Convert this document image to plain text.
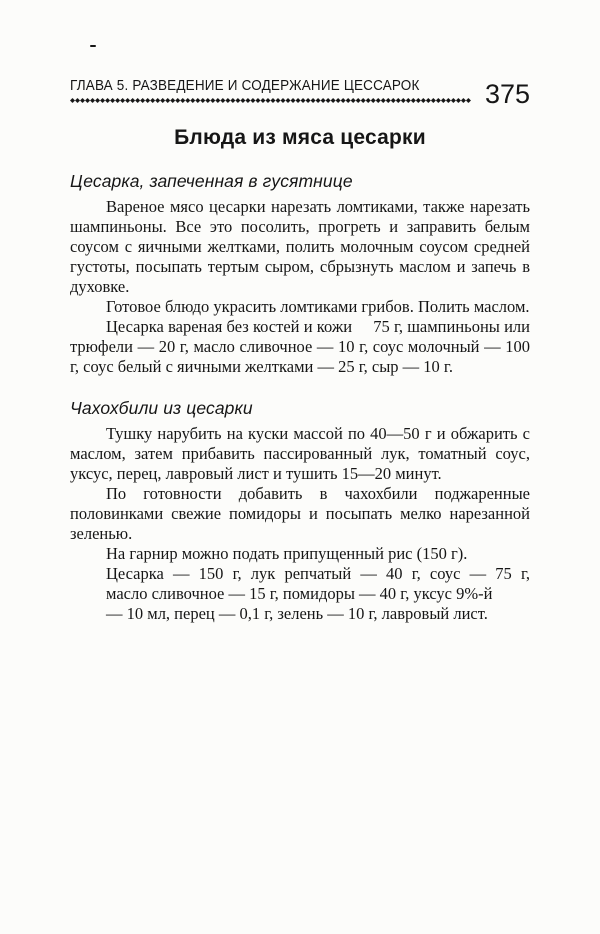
ГЛАВА 5. РАЗВЕДЕНИЕ И СОДЕРЖАНИЕ ЦЕССАРОК	375
Блюда из мяса цесарки
Цесарка, запеченная в гусятнице

Вареное мясо цесарки нарезать ломтиками, также нарезать шампиньоны. Все это посолить, прогреть и заправить белым соусом с яичными желтками, полить молочным соусом средней густоты, посыпать тертым сыром, сбрызнуть маслом и запечь в духовке.

Готовое блюдо украсить ломтиками грибов. Полить маслом.

Цесарка вареная без костей и кожи     75 г, шампиньоны или трюфели — 20 г, масло сливочное — 10 г, соус молочный — 100 г, соус белый с яичными желтками — 25 г, сыр — 10 г.

Чахохбили из цесарки

Тушку нарубить на куски массой по 40—50 г и обжарить с маслом, затем прибавить пассированный лук, томатный соус, уксус, перец, лавровый лист и тушить 15—20 минут.

По готовности добавить в чахохбили поджаренные половинками свежие помидоры и посыпать мелко нарезанной зеленью.

На гарнир можно подать припущенный рис (150 г).

Цесарка — 150 г, лук репчатый — 40 г, соус — 75 г,

масло сливочное — 15 г, помидоры — 40 г, уксус 9%-й

— 10 мл, перец — 0,1 г, зелень — 10 г, лавровый лист.
